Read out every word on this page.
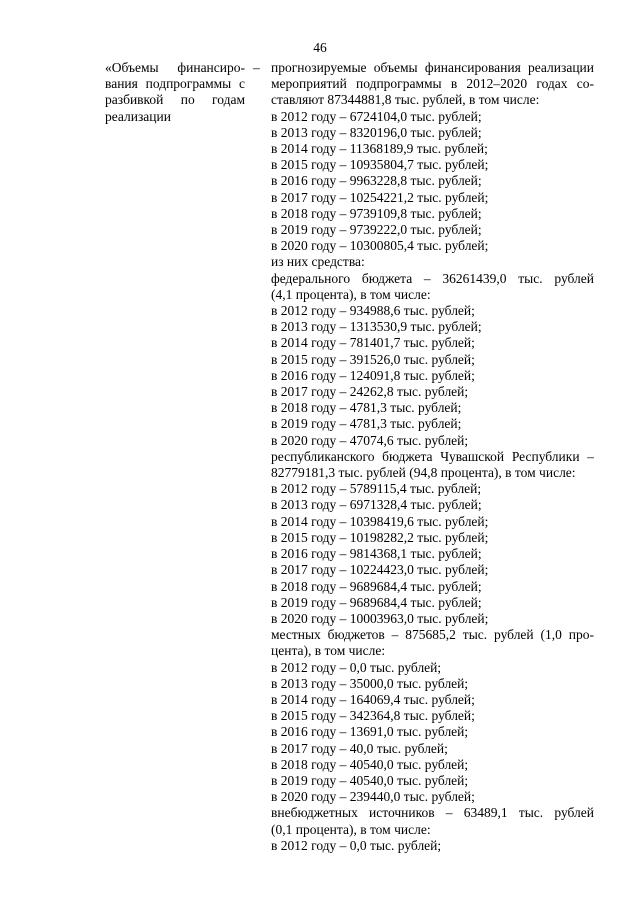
46
«Объемы финансиро-
вания подпрограммы с
разбивкой по годам
реализации
– прогнозируемые объемы финансирования реализации
мероприятий подпрограммы в 2012–2020 годах со-
ставляют 87344881,8 тыс. рублей, в том числе:
в 2012 году – 6724104,0 тыс. рублей;
в 2013 году – 8320196,0 тыс. рублей;
в 2014 году – 11368189,9 тыс. рублей;
в 2015 году – 10935804,7 тыс. рублей;
в 2016 году – 9963228,8 тыс. рублей;
в 2017 году – 10254221,2 тыс. рублей;
в 2018 году – 9739109,8 тыс. рублей;
в 2019 году – 9739222,0 тыс. рублей;
в 2020 году – 10300805,4 тыс. рублей;
из них средства:
федерального бюджета – 36261439,0 тыс. рублей
(4,1 процента), в том числе:
в 2012 году – 934988,6 тыс. рублей;
в 2013 году – 1313530,9 тыс. рублей;
в 2014 году – 781401,7 тыс. рублей;
в 2015 году – 391526,0 тыс. рублей;
в 2016 году – 124091,8 тыс. рублей;
в 2017 году – 24262,8 тыс. рублей;
в 2018 году – 4781,3 тыс. рублей;
в 2019 году – 4781,3 тыс. рублей;
в 2020 году – 47074,6 тыс. рублей;
республиканского бюджета Чувашской Республики –
82779181,3 тыс. рублей (94,8 процента), в том числе:
в 2012 году – 5789115,4 тыс. рублей;
в 2013 году – 6971328,4 тыс. рублей;
в 2014 году – 10398419,6 тыс. рублей;
в 2015 году – 10198282,2 тыс. рублей;
в 2016 году – 9814368,1 тыс. рублей;
в 2017 году – 10224423,0 тыс. рублей;
в 2018 году – 9689684,4 тыс. рублей;
в 2019 году – 9689684,4 тыс. рублей;
в 2020 году – 10003963,0 тыс. рублей;
местных бюджетов – 875685,2 тыс. рублей (1,0 про-
цента), в том числе:
в 2012 году – 0,0 тыс. рублей;
в 2013 году – 35000,0 тыс. рублей;
в 2014 году – 164069,4 тыс. рублей;
в 2015 году – 342364,8 тыс. рублей;
в 2016 году – 13691,0 тыс. рублей;
в 2017 году – 40,0 тыс. рублей;
в 2018 году – 40540,0 тыс. рублей;
в 2019 году – 40540,0 тыс. рублей;
в 2020 году – 239440,0 тыс. рублей;
внебюджетных источников – 63489,1 тыс. рублей
(0,1 процента), в том числе:
в 2012 году – 0,0 тыс. рублей;
